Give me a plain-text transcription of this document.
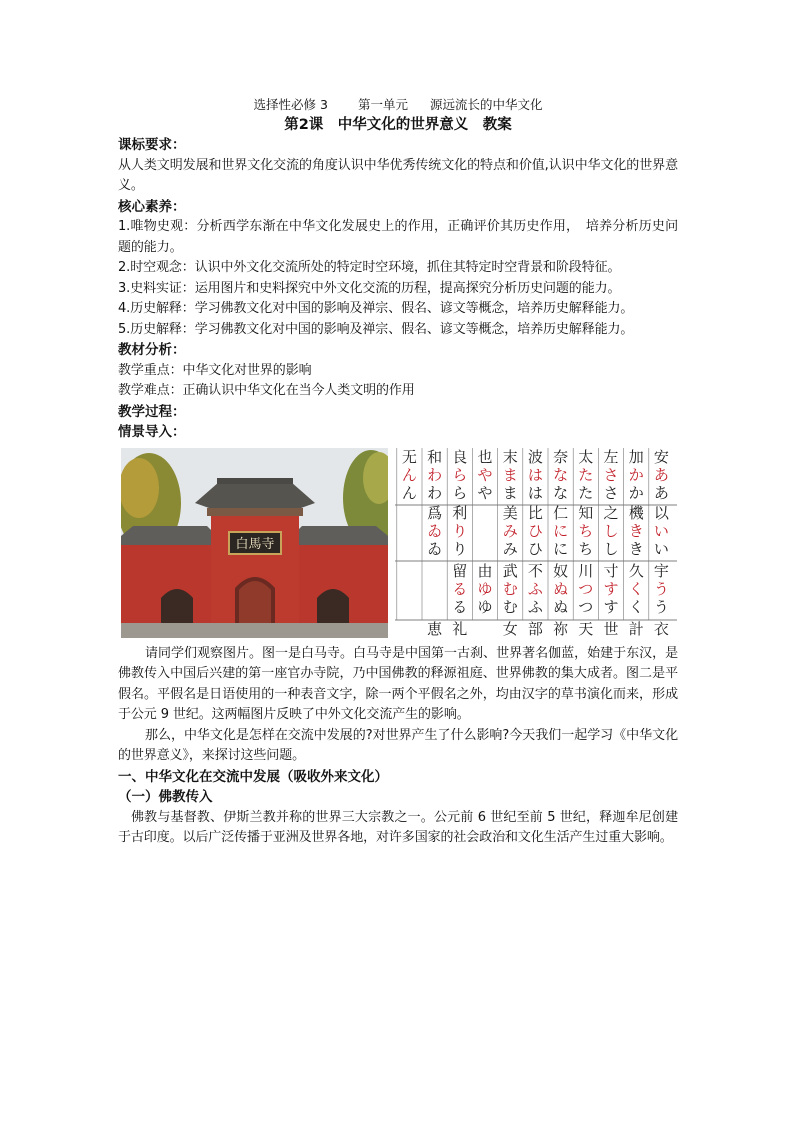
选择性必修 3 第一单元 源远流长的中华文化
第2课　中华文化的世界意义　教案
课标要求：
从人类文明发展和世界文化交流的角度认识中华优秀传统文化的特点和价值,认识中华文化的世界意义。
核心素养：
1.唯物史观：分析西学东渐在中华文化发展史上的作用，正确评价其历史作用，　培养分析历史问题的能力。
2.时空观念：认识中外文化交流所处的特定时空环境，抓住其特定时空背景和阶段特征。
3.史料实证：运用图片和史料探究中外文化交流的历程，提高探究分析历史问题的能力。
4.历史解释：学习佛教文化对中国的影响及禅宗、假名、谚文等概念，培养历史解释能力。
5.历史解释：学习佛教文化对中国的影响及禅宗、假名、谚文等概念，培养历史解释能力。
教材分析：
教学重点：中华文化对世界的影响
教学难点：正确认识中华文化在当今人类文明的作用
教学过程：
情景导入：
白馬寺
安
あ
あ
以
い
い
宇
う
う
衣
加
か
か
機
き
き
久
く
く
計
左
さ
さ
之
し
し
寸
す
す
世
太
た
た
知
ち
ち
川
つ
つ
天
奈
な
な
仁
に
に
奴
ぬ
ぬ
祢
波
は
は
比
ひ
ひ
不
ふ
ふ
部
末
ま
ま
美
み
み
武
む
む
女
也
や
や
由
ゆ
ゆ
良
ら
ら
利
り
り
留
る
る
礼
和
わ
わ
爲
ゐ
ゐ
恵
无
ん
ん
请同学们观察图片。图一是白马寺。白马寺是中国第一古刹、世界著名伽蓝，始建于东汉，是佛教传入中国后兴建的第一座官办寺院，乃中国佛教的释源祖庭、世界佛教的集大成者。图二是平假名。平假名是日语使用的一种表音文字，除一两个平假名之外，均由汉字的草书演化而来，形成于公元 9 世纪。这两幅图片反映了中外文化交流产生的影响。
那么，中华文化是怎样在交流中发展的?对世界产生了什么影响?今天我们一起学习《中华文化的世界意义》，来探讨这些问题。
一、中华文化在交流中发展（吸收外来文化）
（一）佛教传入
佛教与基督教、伊斯兰教并称的世界三大宗教之一。公元前 6 世纪至前 5 世纪，释迦牟尼创建于古印度。以后广泛传播于亚洲及世界各地，对许多国家的社会政治和文化生活产生过重大影响。
